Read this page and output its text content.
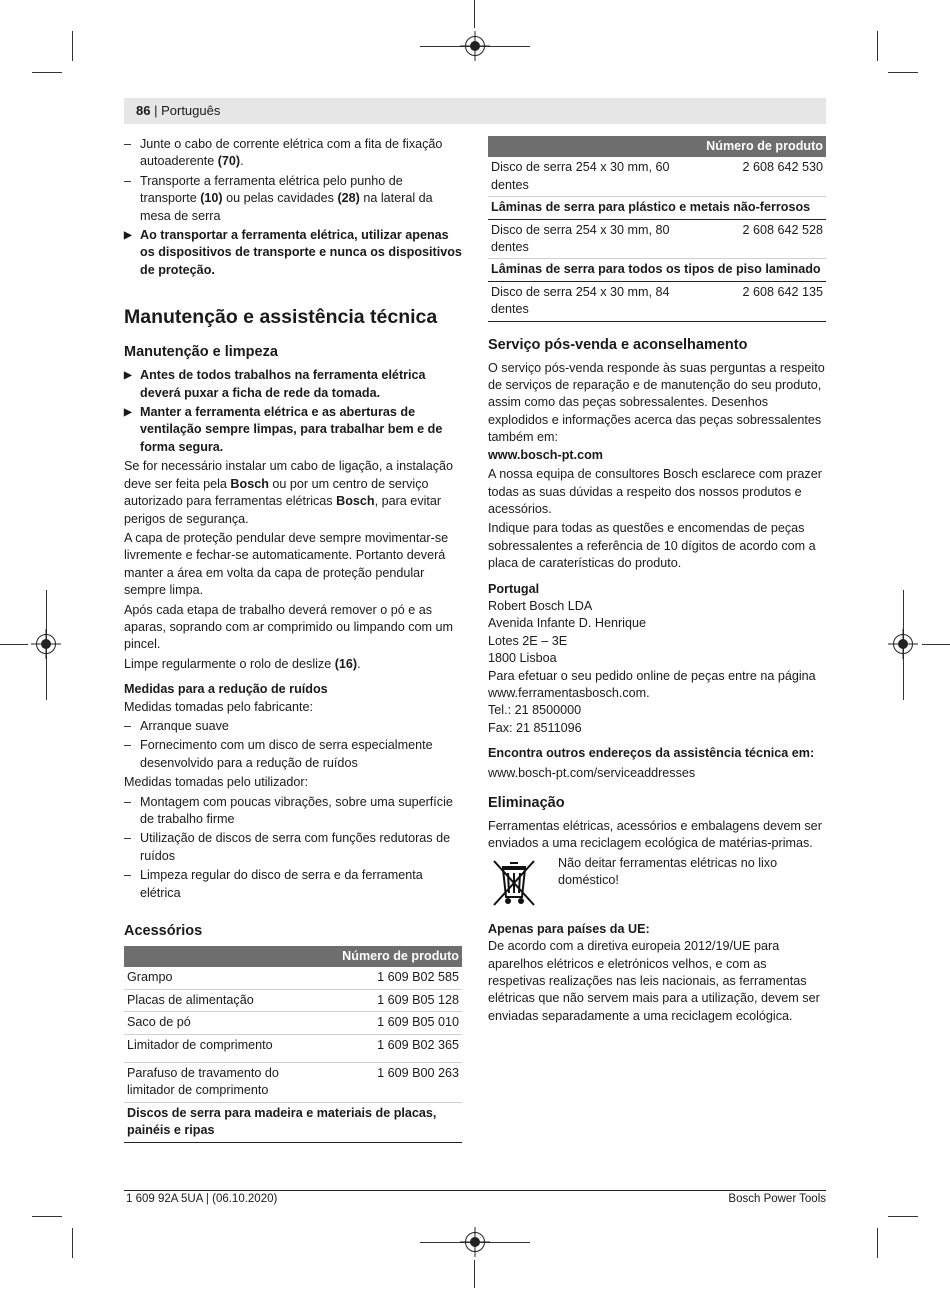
86 | Português
– Junte o cabo de corrente elétrica com a fita de fixação autoaderente (70).
– Transporte a ferramenta elétrica pelo punho de transporte (10) ou pelas cavidades (28) na lateral da mesa de serra
▶ Ao transportar a ferramenta elétrica, utilizar apenas os dispositivos de transporte e nunca os dispositivos de proteção.
Manutenção e assistência técnica
Manutenção e limpeza
▶ Antes de todos trabalhos na ferramenta elétrica deverá puxar a ficha de rede da tomada.
▶ Manter a ferramenta elétrica e as aberturas de ventilação sempre limpas, para trabalhar bem e de forma segura.

Se for necessário instalar um cabo de ligação, a instalação deve ser feita pela Bosch ou por um centro de serviço autorizado para ferramentas elétricas Bosch, para evitar perigos de segurança.

A capa de proteção pendular deve sempre movimentar-se livremente e fechar-se automaticamente. Portanto deverá manter a área em volta da capa de proteção pendular sempre limpa.

Após cada etapa de trabalho deverá remover o pó e as aparas, soprando com ar comprimido ou limpando com um pincel.

Limpe regularmente o rolo de deslize (16).

Medidas para a redução de ruídos

Medidas tomadas pelo fabricante:

– Arranque suave
– Fornecimento com um disco de serra especialmente desenvolvido para a redução de ruídos

Medidas tomadas pelo utilizador:

– Montagem com poucas vibrações, sobre uma superfície de trabalho firme
– Utilização de discos de serra com funções redutoras de ruídos
– Limpeza regular do disco de serra e da ferramenta elétrica
Acessórios
	Número de produto
Grampo	1 609 B02 585
Placas de alimentação	1 609 B05 128
Saco de pó	1 609 B05 010
Limitador de comprimento	1 609 B02 365
Parafuso de travamento do limitador de comprimento	1 609 B00 263
Discos de serra para madeira e materiais de placas, painéis e ripas	
	Número de produto
Disco de serra 254 x 30 mm, 60 dentes	2 608 642 530
Lâminas de serra para plástico e metais não-ferrosos	
Disco de serra 254 x 30 mm, 80 dentes	2 608 642 528
Lâminas de serra para todos os tipos de piso laminado	
Disco de serra 254 x 30 mm, 84 dentes	2 608 642 135
Serviço pós-venda e aconselhamento

O serviço pós-venda responde às suas perguntas a respeito de serviços de reparação e de manutenção do seu produto, assim como das peças sobressalentes. Desenhos explodidos e informações acerca das peças sobressalentes também em:
www.bosch-pt.com

A nossa equipa de consultores Bosch esclarece com prazer todas as suas dúvidas a respeito dos nossos produtos e acessórios.

Indique para todas as questões e encomendas de peças sobressalentes a referência de 10 dígitos de acordo com a placa de caraterísticas do produto.

Portugal
Robert Bosch LDA
Avenida Infante D. Henrique
Lotes 2E – 3E
1800 Lisboa
Para efetuar o seu pedido online de peças entre na página
www.ferramentasbosch.com.
Tel.: 21 8500000
Fax: 21 8511096
Encontra outros endereços da assistência técnica em:

www.bosch-pt.com/serviceaddresses

Eliminação

Ferramentas elétricas, acessórios e embalagens devem ser enviados a uma reciclagem ecológica de matérias-primas.

Não deitar ferramentas elétricas no lixo doméstico!
Apenas para países da UE:

De acordo com a diretiva europeia 2012/19/UE para aparelhos elétricos e eletrónicos velhos, e com as respetivas realizações nas leis nacionais, as ferramentas elétricas que não servem mais para a utilização, devem ser enviadas separadamente a uma reciclagem ecológica.

1 609 92A 5UA | (06.10.2020)	Bosch Power Tools
